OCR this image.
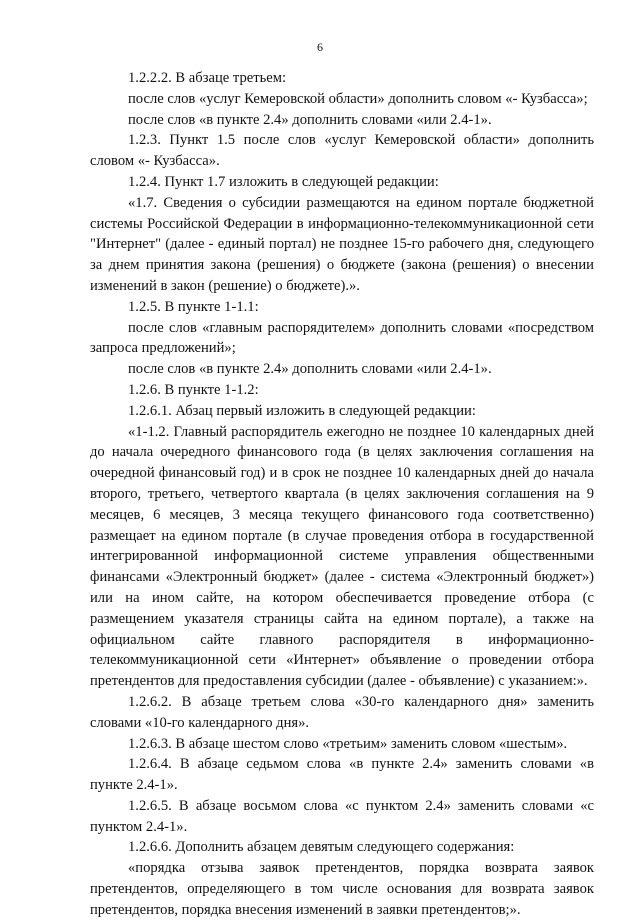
6

1.2.2.2. В абзаце третьем:

после слов «услуг Кемеровской области» дополнить словом «- Кузбасса»;

после слов «в пункте 2.4» дополнить словами «или 2.4-1».

1.2.3. Пункт 1.5 после слов «услуг Кемеровской области» дополнить словом «- Кузбасса».

1.2.4. Пункт 1.7 изложить в следующей редакции:

«1.7. Сведения о субсидии размещаются на едином портале бюджетной системы Российской Федерации в информационно-телекоммуникационной сети "Интернет" (далее - единый портал) не позднее 15-го рабочего дня, следующего за днем принятия закона (решения) о бюджете (закона (решения) о внесении изменений в закон (решение) о бюджете).».

1.2.5. В пункте 1-1.1:

после слов «главным распорядителем» дополнить словами «посредством запроса предложений»;

после слов «в пункте 2.4» дополнить словами «или 2.4-1».

1.2.6. В пункте 1-1.2:

1.2.6.1. Абзац первый изложить в следующей редакции:

«1-1.2. Главный распорядитель ежегодно не позднее 10 календарных дней до начала очередного финансового года (в целях заключения соглашения на очередной финансовый год) и в срок не позднее 10 календарных дней до начала второго, третьего, четвертого квартала (в целях заключения соглашения на 9 месяцев, 6 месяцев, 3 месяца текущего финансового года соответственно) размещает на едином портале (в случае проведения отбора в государственной интегрированной информационной системе управления общественными финансами «Электронный бюджет» (далее - система «Электронный бюджет») или на ином сайте, на котором обеспечивается проведение отбора (с размещением указателя страницы сайта на едином портале), а также на официальном сайте главного распорядителя в информационно-телекоммуникационной сети «Интернет» объявление о проведении отбора претендентов для предоставления субсидии (далее - объявление) с указанием:».

1.2.6.2. В абзаце третьем слова «30-го календарного дня» заменить словами «10-го календарного дня».

1.2.6.3. В абзаце шестом слово «третьим» заменить словом «шестым».

1.2.6.4. В абзаце седьмом слова «в пункте 2.4» заменить словами «в пункте 2.4-1».

1.2.6.5. В абзаце восьмом слова «с пунктом 2.4» заменить словами «с пунктом 2.4-1».

1.2.6.6. Дополнить абзацем девятым следующего содержания:

«порядка отзыва заявок претендентов, порядка возврата заявок претендентов, определяющего в том числе основания для возврата заявок претендентов, порядка внесения изменений в заявки претендентов;».
